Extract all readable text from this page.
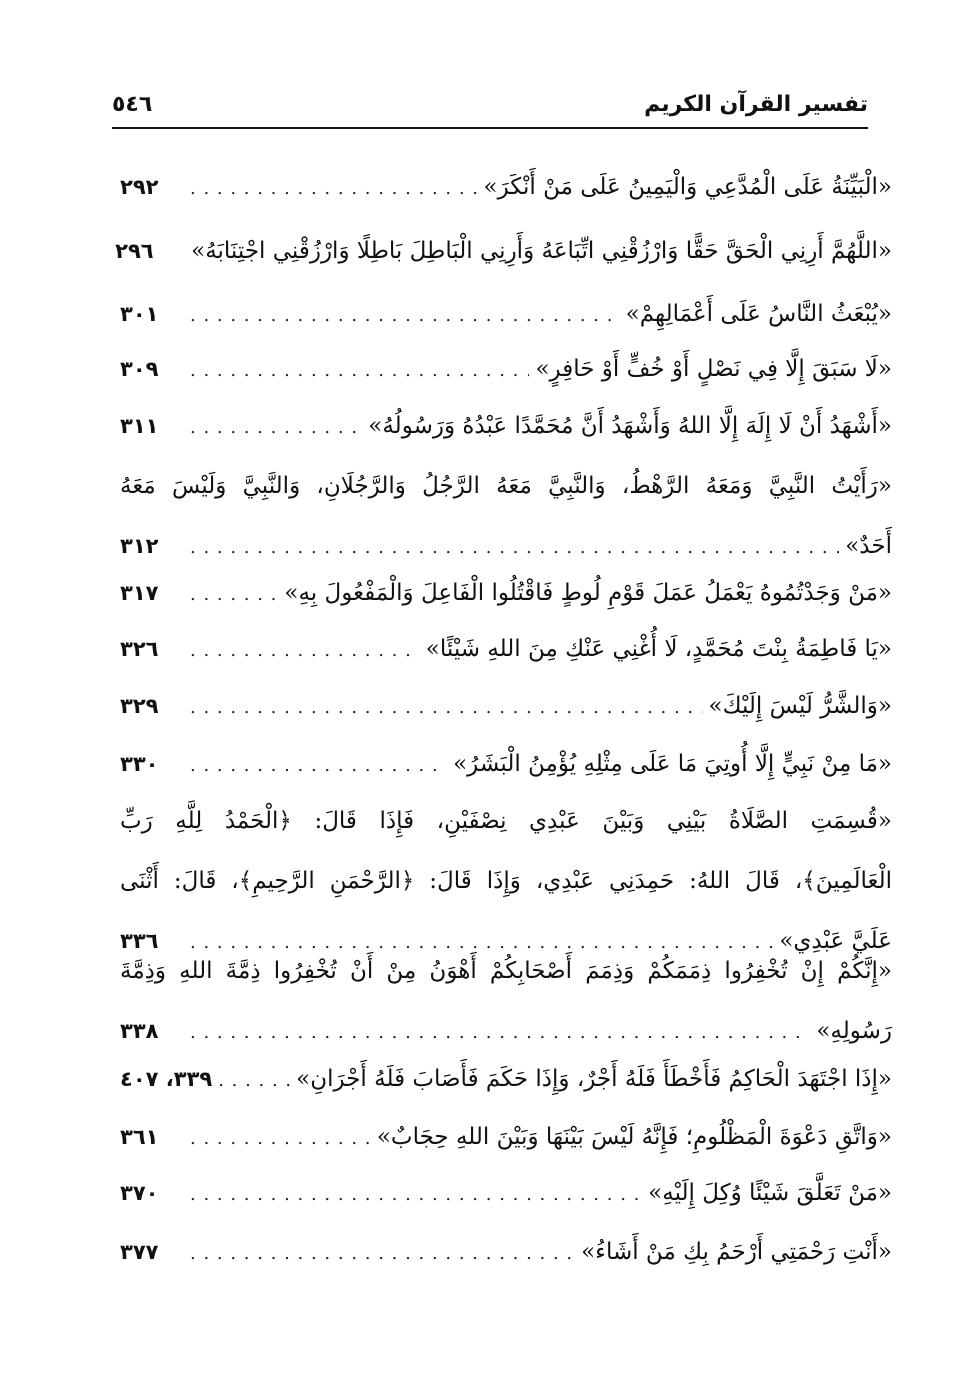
٥٤٦	تفسير القرآن الكريم
«الْبَيِّنَةُ عَلَى الْمُدَّعِي وَالْيَمِينُ عَلَى مَنْ أَنْكَرَ»
. . .
٢٩٢
«اللَّهُمَّ أَرِنِي الْحَقَّ حَقًّا وَارْزُقْنِي اتِّبَاعَهُ وَأَرِنِي الْبَاطِلَ بَاطِلًا وَارْزُقْنِي اجْتِنَابَهُ»
٢٩٦
«يُبْعَثُ النَّاسُ عَلَى أَعْمَالِهِمْ»
. . .
٣٠١
«لَا سَبَقَ إِلَّا فِي نَصْلٍ أَوْ خُفٍّ أَوْ حَافِرٍ»
. . .
٣٠٩
«أَشْهَدُ أَنْ لَا إِلَهَ إِلَّا اللهُ وَأَشْهَدُ أَنَّ مُحَمَّدًا عَبْدُهُ وَرَسُولُهُ»
. . .
٣١١
«رَأَيْتُ النَّبِيَّ وَمَعَهُ الرَّهْطُ، وَالنَّبِيَّ مَعَهُ الرَّجُلُ وَالرَّجُلَانِ، وَالنَّبِيَّ وَلَيْسَ مَعَهُ
أَحَدٌ»
. . .
٣١٢
«مَنْ وَجَدْتُمُوهُ يَعْمَلُ عَمَلَ قَوْمِ لُوطٍ فَاقْتُلُوا الْفَاعِلَ وَالْمَفْعُولَ بِهِ»
. . .
٣١٧
«يَا فَاطِمَةُ بِنْتَ مُحَمَّدٍ، لَا أُغْنِي عَنْكِ مِنَ اللهِ شَيْئًا»
. . .
٣٢٦
«وَالشَّرُّ لَيْسَ إِلَيْكَ»
. . .
٣٢٩
«مَا مِنْ نَبِيٍّ إِلَّا أُوتِيَ مَا عَلَى مِثْلِهِ يُؤْمِنُ الْبَشَرُ»
. . .
٣٣٠
«قُسِمَتِ الصَّلَاةُ بَيْنِي وَبَيْنَ عَبْدِي نِصْفَيْنِ، فَإِذَا قَالَ: ﴿الْحَمْدُ لِلَّهِ رَبِّ
الْعَالَمِينَ﴾، قَالَ اللهُ: حَمِدَنِي عَبْدِي، وَإِذَا قَالَ: ﴿الرَّحْمَنِ الرَّحِيمِ﴾، قَالَ: أَثْنَى
عَلَيَّ عَبْدِي»
. . .
٣٣٦
«إِنَّكُمْ إِنْ تُخْفِرُوا ذِمَمَكُمْ وَذِمَمَ أَصْحَابِكُمْ أَهْوَنُ مِنْ أَنْ تُخْفِرُوا ذِمَّةَ اللهِ وَذِمَّةَ
رَسُولِهِ»
. . .
٣٣٨
«إِذَا اجْتَهَدَ الْحَاكِمُ فَأَخْطَأَ فَلَهُ أَجْرٌ، وَإِذَا حَكَمَ فَأَصَابَ فَلَهُ أَجْرَانِ»
. . .
٣٣٩، ٤٠٧
«وَاتَّقِ دَعْوَةَ الْمَظْلُومِ؛ فَإِنَّهُ لَيْسَ بَيْنَهَا وَبَيْنَ اللهِ حِجَابٌ»
. . .
٣٦١
«مَنْ تَعَلَّقَ شَيْئًا وُكِلَ إِلَيْهِ»
. . .
٣٧٠
«أَنْتِ رَحْمَتِي أَرْحَمُ بِكِ مَنْ أَشَاءُ»
. . .
٣٧٧
